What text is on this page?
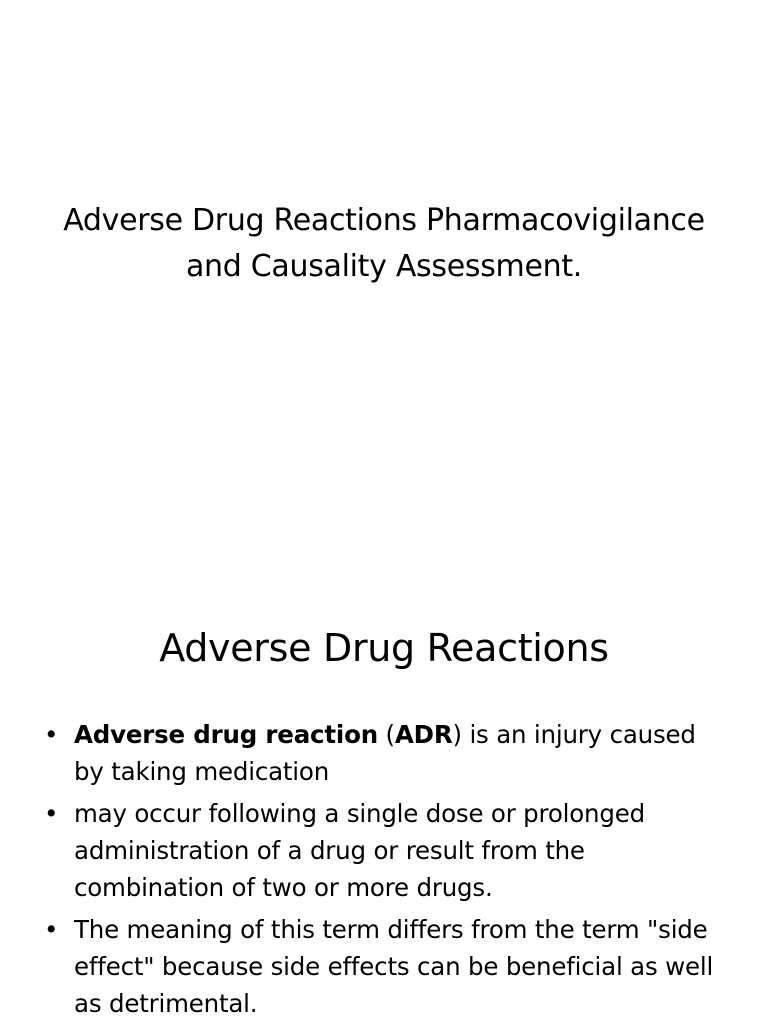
Adverse Drug Reactions Pharmacovigilance and Causality Assessment.
Adverse Drug Reactions
• Adverse drug reaction (ADR) is an injury caused by taking medication
• may occur following a single dose or prolonged administration of a drug or result from the combination of two or more drugs.
• The meaning of this term differs from the term "side effect" because side effects can be beneficial as well as detrimental.
